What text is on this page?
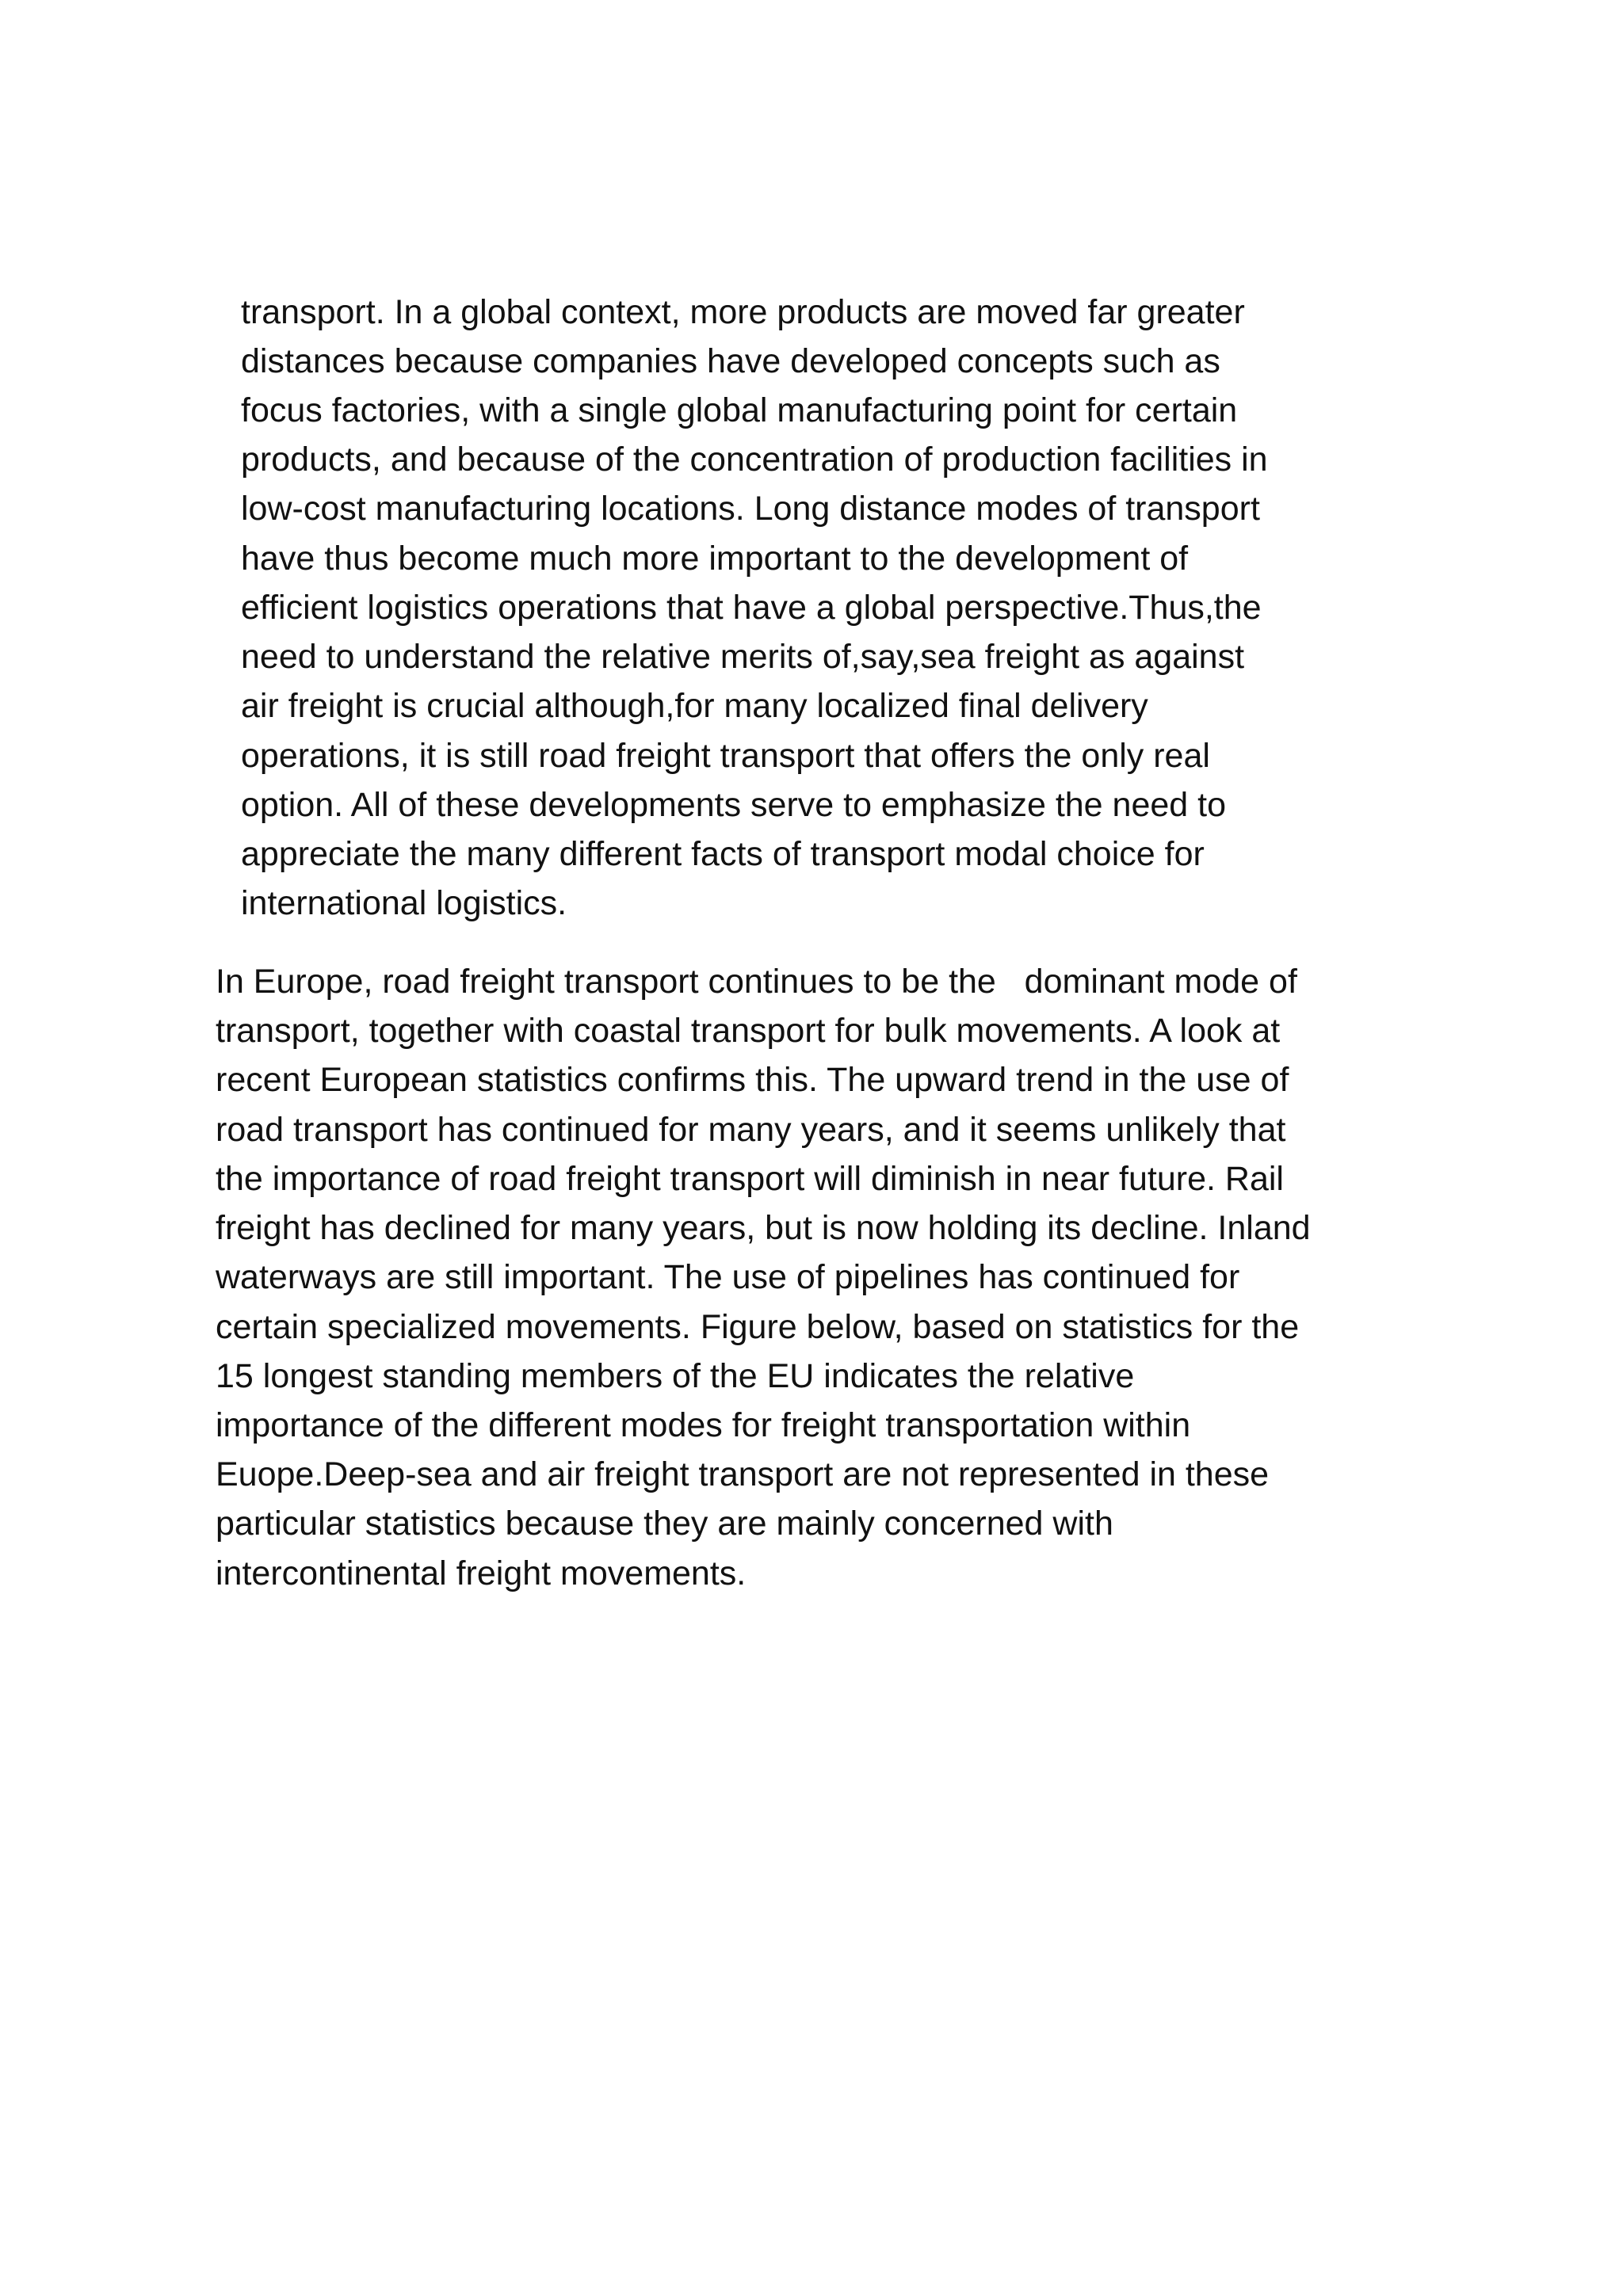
transport. In a global context, more products are moved far greater

distances because companies have developed concepts such as

focus factories, with a single global manufacturing point for certain

products, and because of the concentration of production facilities in

low-cost manufacturing locations. Long distance modes of transport

have thus become much more important to the development of

efficient logistics operations that have a global perspective.Thus,the

need to understand the relative merits of,say,sea freight as against

air freight is crucial although,for many localized final delivery

operations, it is still road freight transport that offers the only real

option. All of these developments serve to emphasize the need to

appreciate the many different facts of transport modal choice for

international logistics.

In Europe, road freight transport continues to be the   dominant mode of

transport, together with coastal transport for bulk movements. A look at

recent European statistics confirms this. The upward trend in the use of

road transport has continued for many years, and it seems unlikely that

the importance of road freight transport will diminish in near future. Rail

freight has declined for many years, but is now holding its decline. Inland

waterways are still important. The use of pipelines has continued for

certain specialized movements. Figure below, based on statistics for the

15 longest standing members of the EU indicates the relative

importance of the different modes for freight transportation within

Euope.Deep-sea and air freight transport are not represented in these

particular statistics because they are mainly concerned with

intercontinental freight movements.
